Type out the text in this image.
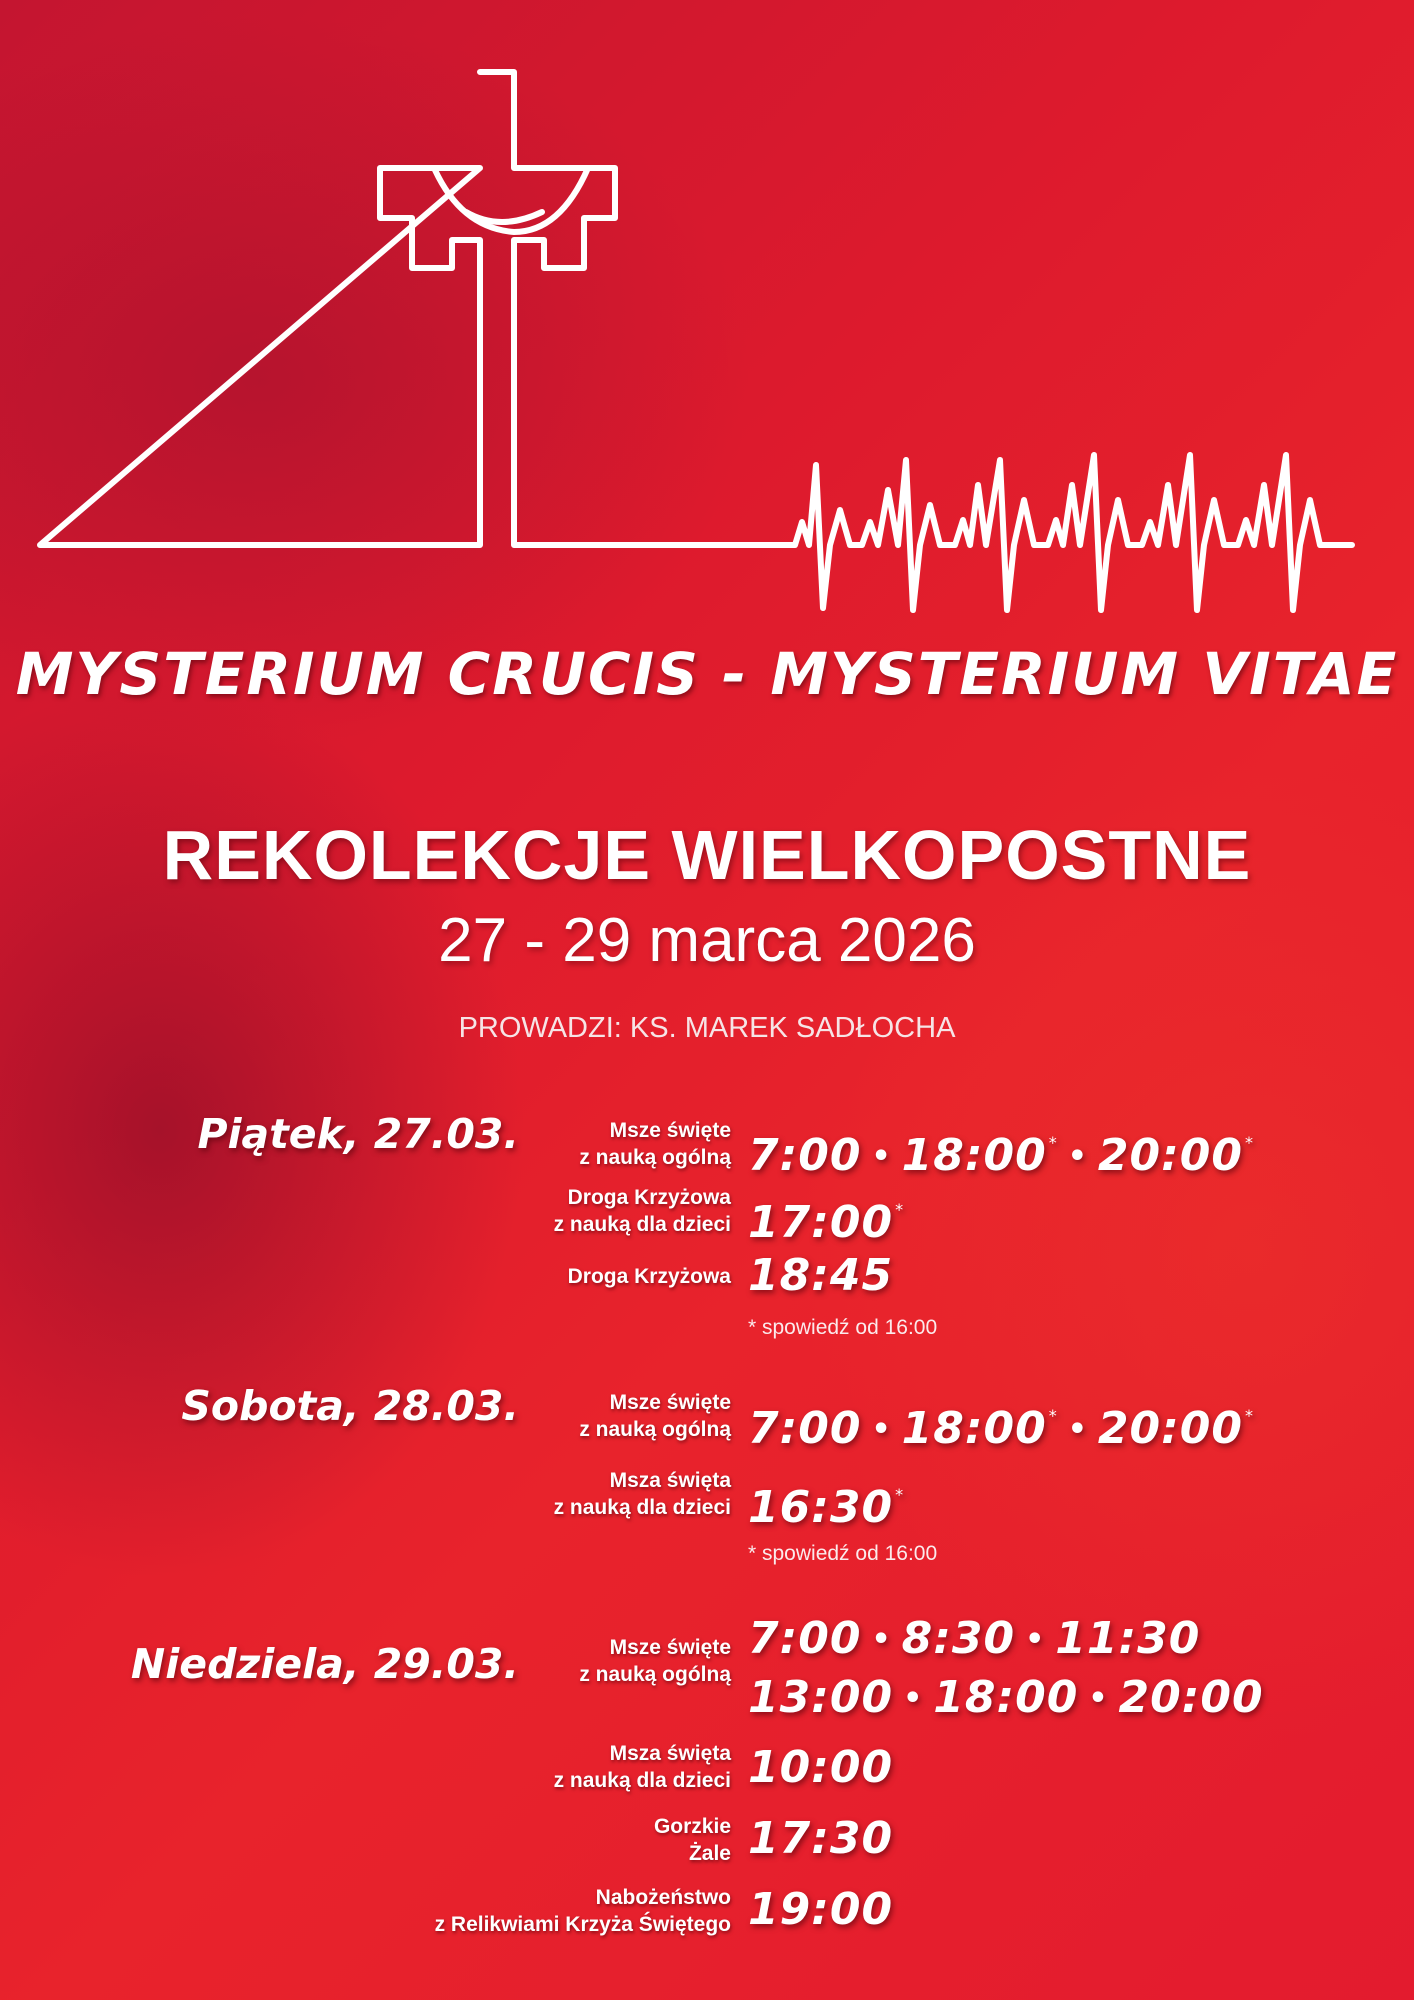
MYSTERIUM CRUCIS - MYSTERIUM VITAE
REKOLEKCJE WIELKOPOSTNE
27 - 29 marca 2026
PROWADZI: KS. MAREK SADŁOCHA
Piątek, 27.03.	Msze święte
z nauką ogólną 7:00 • 18:00 * • 20:00 *
Droga Krzyżowa
z nauką dla dzieci 17:00 *
Droga Krzyżowa 18:45
* spowiedź od 16:00
Sobota, 28.03.	Msze święte
z nauką ogólną 7:00 • 18:00 * • 20:00 *
Msza święta
z nauką dla dzieci 16:30 *
* spowiedź od 16:00
Niedziela, 29.03.	Msze święte
z nauką ogólną
7:00 • 8:30 • 11:30
13:00 • 18:00 • 20:00
Msza święta
z nauką dla dzieci 10:00
Gorzkie
Żale 17:30
Nabożeństwo
z Relikwiami Krzyża Świętego 19:00
